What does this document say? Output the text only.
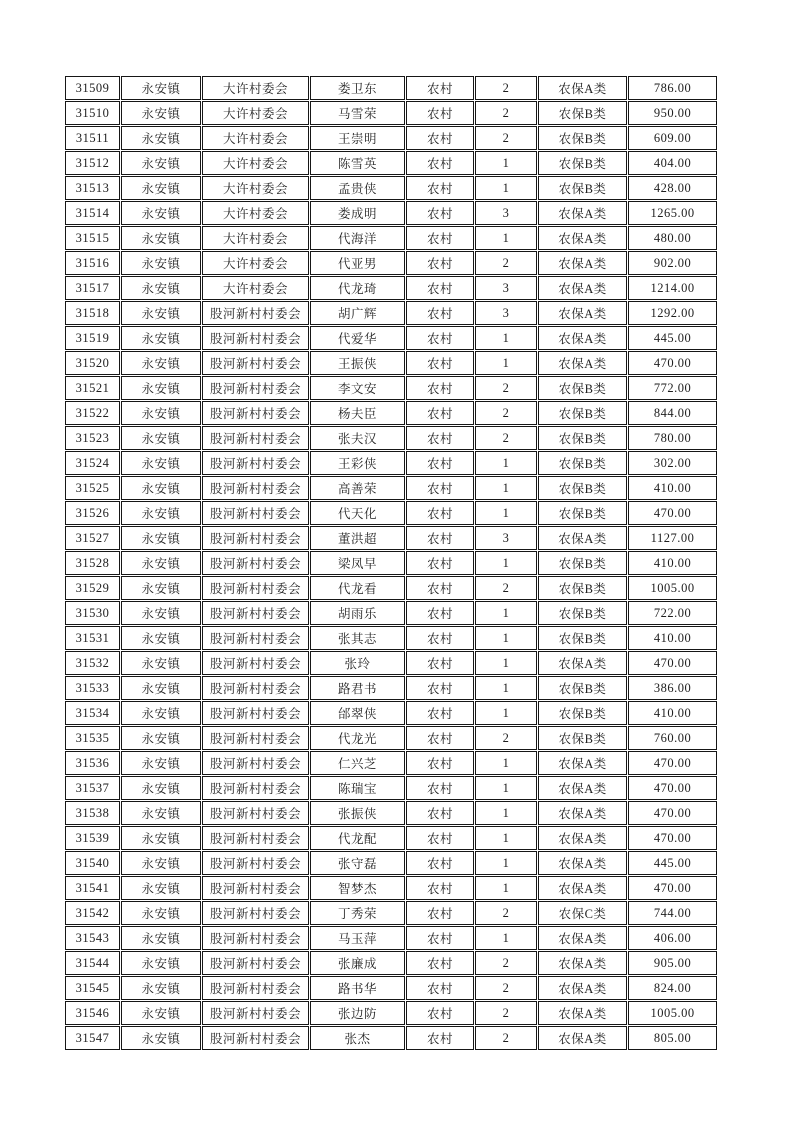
31509	永安镇	大许村委会	娄卫东	农村	2	农保A类	786.00
31510	永安镇	大许村委会	马雪荣	农村	2	农保B类	950.00
31511	永安镇	大许村委会	王崇明	农村	2	农保B类	609.00
31512	永安镇	大许村委会	陈雪英	农村	1	农保B类	404.00
31513	永安镇	大许村委会	孟贵侠	农村	1	农保B类	428.00
31514	永安镇	大许村委会	娄成明	农村	3	农保A类	1265.00
31515	永安镇	大许村委会	代海洋	农村	1	农保A类	480.00
31516	永安镇	大许村委会	代亚男	农村	2	农保A类	902.00
31517	永安镇	大许村委会	代龙琦	农村	3	农保A类	1214.00
31518	永安镇	股河新村村委会	胡广辉	农村	3	农保A类	1292.00
31519	永安镇	股河新村村委会	代爱华	农村	1	农保A类	445.00
31520	永安镇	股河新村村委会	王振侠	农村	1	农保A类	470.00
31521	永安镇	股河新村村委会	李文安	农村	2	农保B类	772.00
31522	永安镇	股河新村村委会	杨夫臣	农村	2	农保B类	844.00
31523	永安镇	股河新村村委会	张夫汉	农村	2	农保B类	780.00
31524	永安镇	股河新村村委会	王彩侠	农村	1	农保B类	302.00
31525	永安镇	股河新村村委会	高善荣	农村	1	农保B类	410.00
31526	永安镇	股河新村村委会	代天化	农村	1	农保B类	470.00
31527	永安镇	股河新村村委会	董洪超	农村	3	农保A类	1127.00
31528	永安镇	股河新村村委会	梁凤早	农村	1	农保B类	410.00
31529	永安镇	股河新村村委会	代龙看	农村	2	农保B类	1005.00
31530	永安镇	股河新村村委会	胡雨乐	农村	1	农保B类	722.00
31531	永安镇	股河新村村委会	张其志	农村	1	农保B类	410.00
31532	永安镇	股河新村村委会	张玲	农村	1	农保A类	470.00
31533	永安镇	股河新村村委会	路君书	农村	1	农保B类	386.00
31534	永安镇	股河新村村委会	邰翠侠	农村	1	农保B类	410.00
31535	永安镇	股河新村村委会	代龙光	农村	2	农保B类	760.00
31536	永安镇	股河新村村委会	仁兴芝	农村	1	农保A类	470.00
31537	永安镇	股河新村村委会	陈瑞宝	农村	1	农保A类	470.00
31538	永安镇	股河新村村委会	张振侠	农村	1	农保A类	470.00
31539	永安镇	股河新村村委会	代龙配	农村	1	农保A类	470.00
31540	永安镇	股河新村村委会	张守磊	农村	1	农保A类	445.00
31541	永安镇	股河新村村委会	智梦杰	农村	1	农保A类	470.00
31542	永安镇	股河新村村委会	丁秀荣	农村	2	农保C类	744.00
31543	永安镇	股河新村村委会	马玉萍	农村	1	农保A类	406.00
31544	永安镇	股河新村村委会	张廉成	农村	2	农保A类	905.00
31545	永安镇	股河新村村委会	路书华	农村	2	农保A类	824.00
31546	永安镇	股河新村村委会	张边防	农村	2	农保A类	1005.00
31547	永安镇	股河新村村委会	张杰	农村	2	农保A类	805.00
